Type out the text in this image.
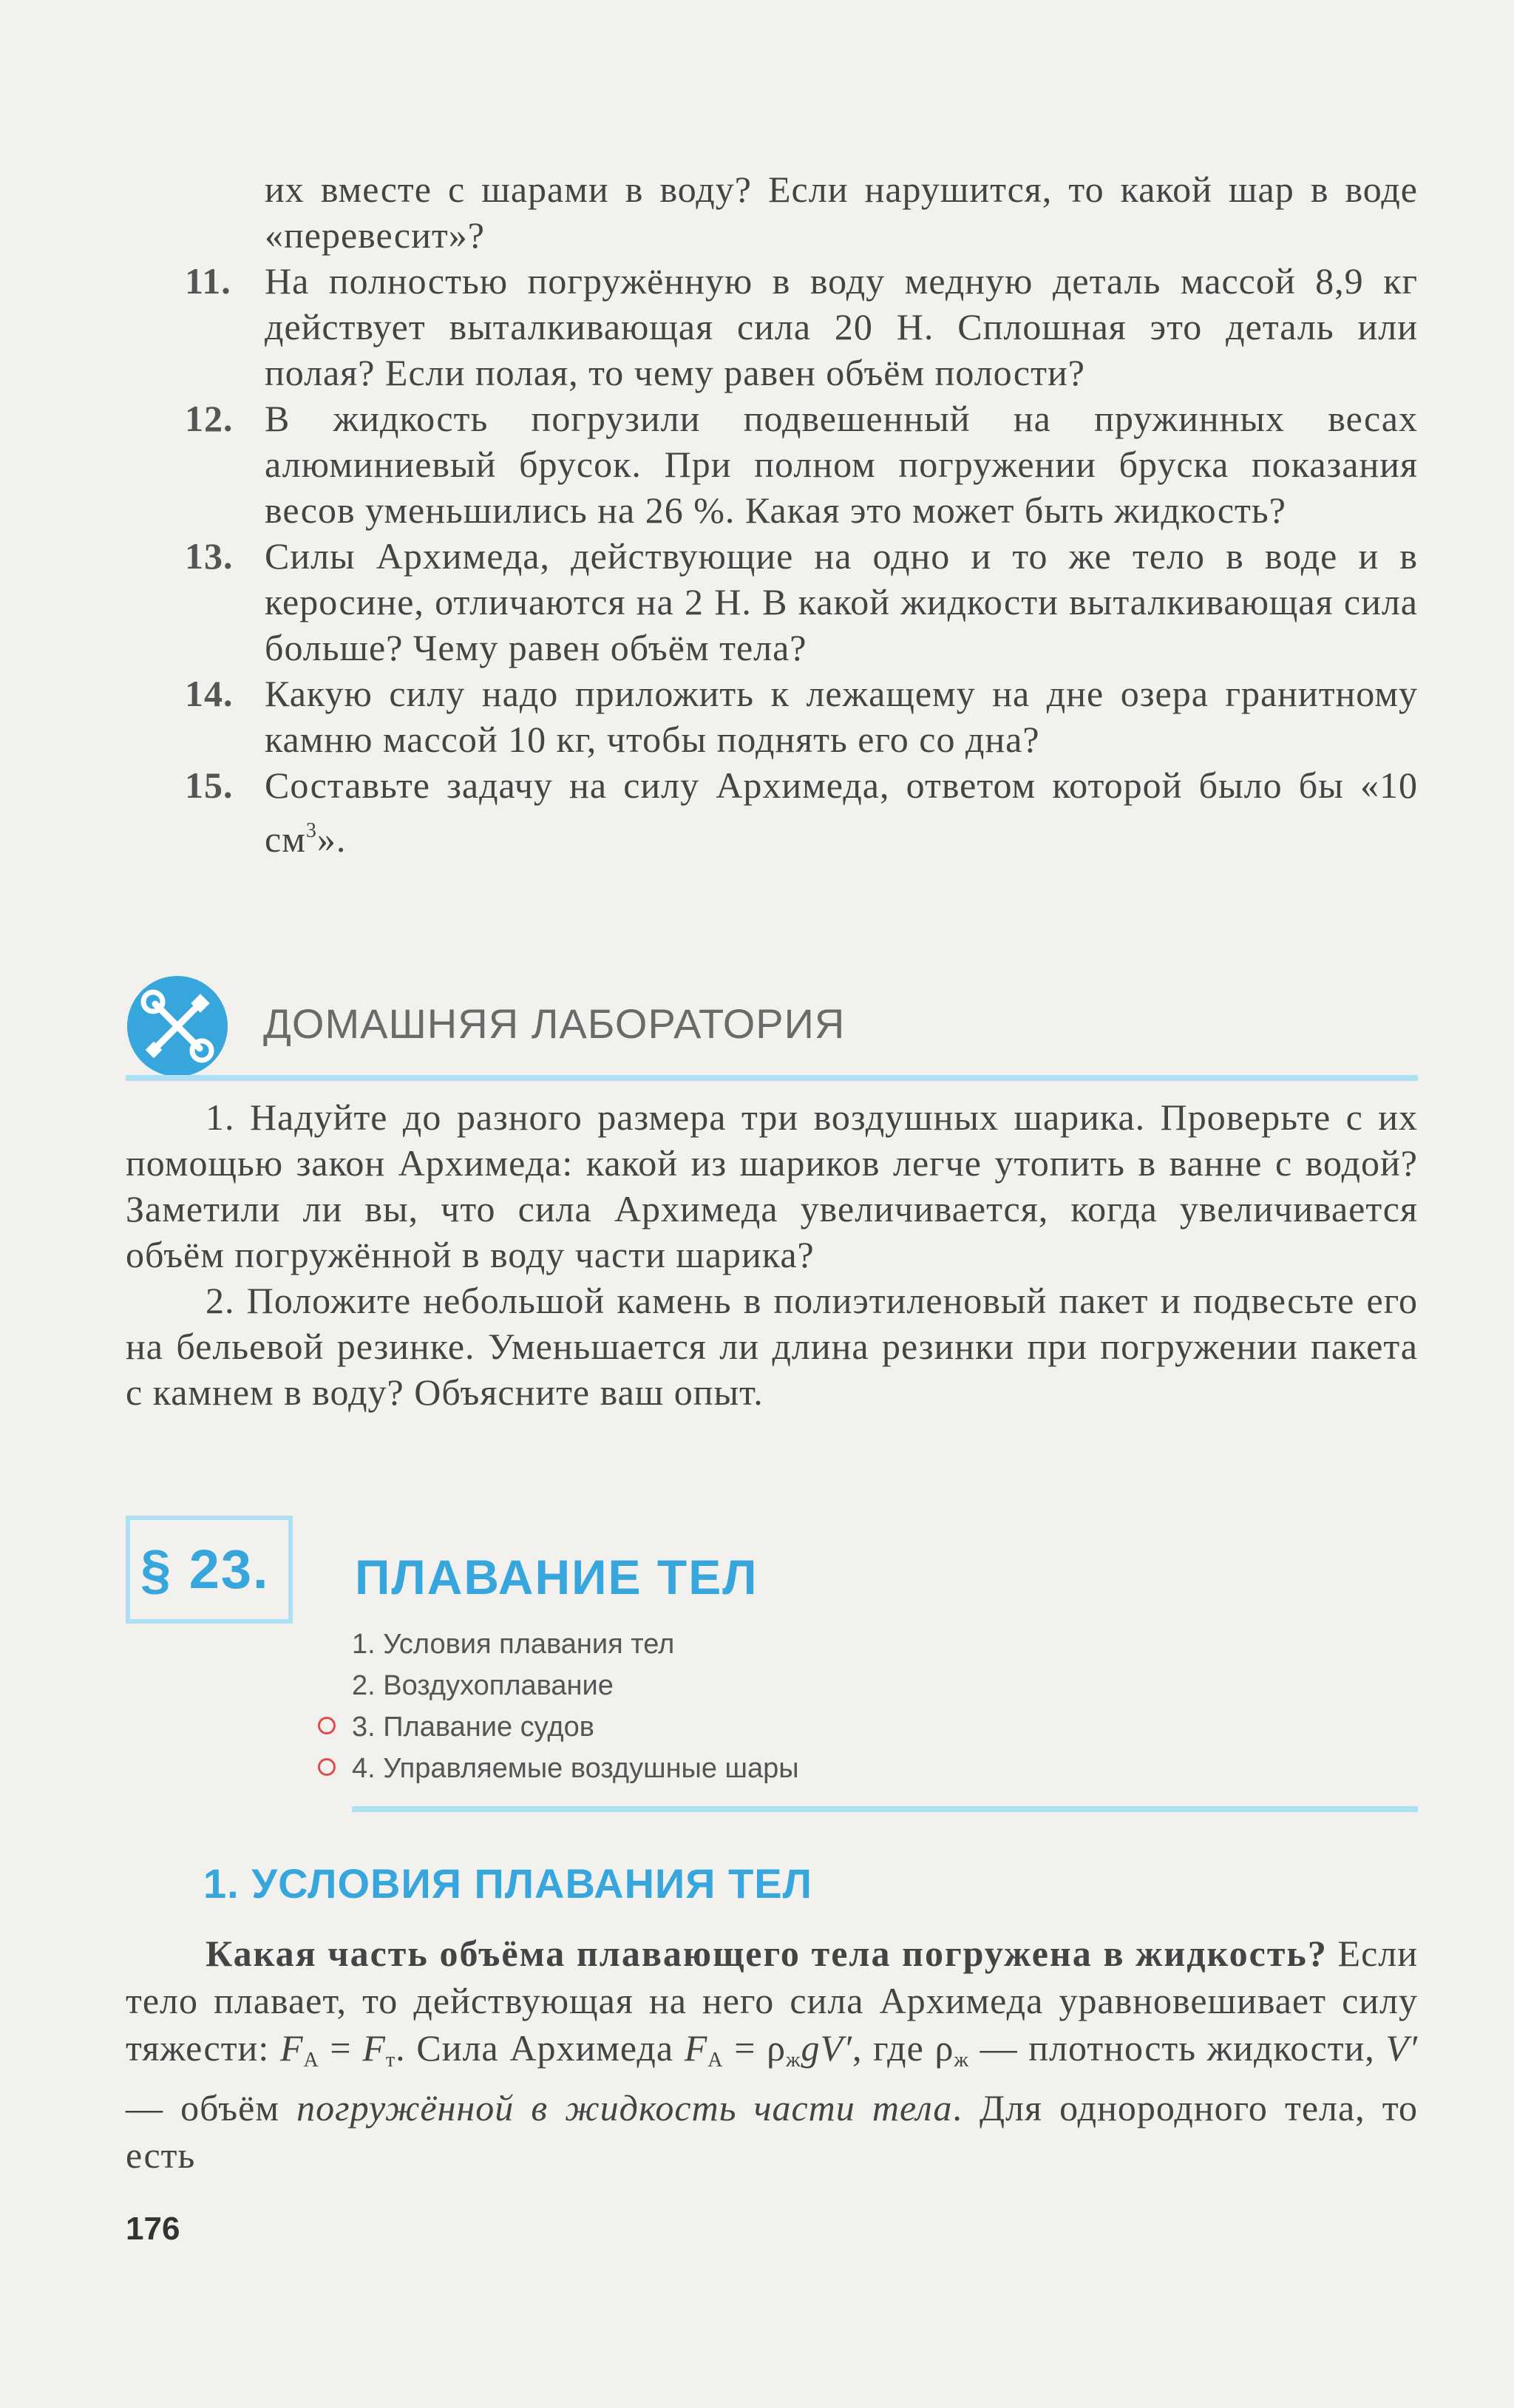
их вместе с шарами в воду? Если нарушится, то какой шар в воде «перевесит»?
11. На полностью погружённую в воду медную деталь массой 8,9 кг действует выталкивающая сила 20 Н. Сплошная это деталь или полая? Если полая, то чему равен объём полости?
12. В жидкость погрузили подвешенный на пружинных весах алюминиевый брусок. При полном погружении бруска показания весов уменьшились на 26 %. Какая это может быть жидкость?
13. Силы Архимеда, действующие на одно и то же тело в воде и в керосине, отличаются на 2 Н. В какой жидкости выталкивающая сила больше? Чему равен объём тела?
14. Какую силу надо приложить к лежащему на дне озера гранитному камню массой 10 кг, чтобы поднять его со дна?
15. Составьте задачу на силу Архимеда, ответом которой было бы «10 $см^3$».
ДОМАШНЯЯ ЛАБОРАТОРИЯ

1. Надуйте до разного размера три воздушных шарика. Проверьте с их помощью закон Архимеда: какой из шариков легче утопить в ванне с водой? Заметили ли вы, что сила Архимеда увеличивается, когда увеличивается объём погружённой в воду части шарика?

2. Положите небольшой камень в полиэтиленовый пакет и подвесьте его на бельевой резинке. Уменьшается ли длина резинки при погружении пакета с камнем в воду? Объясните ваш опыт.

§ 23. ПЛАВАНИЕ ТЕЛ
1. Условия плавания тел
2. Воздухоплавание
3. Плавание судов
4. Управляемые воздушные шары
1. УСЛОВИЯ ПЛАВАНИЯ ТЕЛ
Какая часть объёма плавающего тела погружена в жидкость? Если тело плавает, то действующая на него сила Архимеда уравновешивает силу тяжести: $F_А = F_т$. Сила Архимеда $F_А = \rho_жgV'$, где $\rho_ж$ — плотность жидкости, V′ — объём погружённой в жидкость части тела. Для однородного тела, то есть
176
